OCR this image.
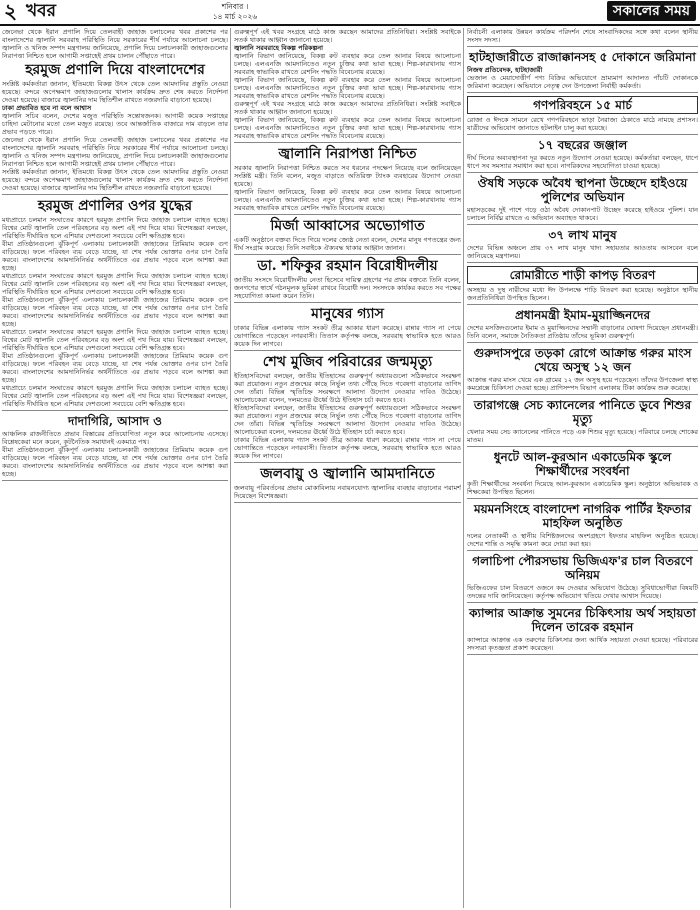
২ খবর	শনিবার ।
১৪ মার্চ ২০২৬	সকালের সময়
জেনেভা থেকে ইরান প্রণালি দিয়ে তেলবাহী জাহাজ চলাচলের খবর প্রকাশের পর বাংলাদেশের জ্বালানি সরবরাহ পরিস্থিতি নিয়ে সরকারের শীর্ষ পর্যায়ে আলোচনা চলছে। জ্বালানি ও খনিজ সম্পদ মন্ত্রণালয় জানিয়েছে, প্রণালি দিয়ে চলাচলকারী জাহাজগুলোর নিরাপত্তা নিশ্চিত হলে আগামী সপ্তাহেই প্রথম চালান পৌঁছাতে পারে।
হরমুজ প্রণালি দিয়ে বাংলাদেশের
সংশ্লিষ্ট কর্মকর্তারা জানান, ইতিমধ্যে বিকল্প উৎস থেকে তেল আমদানির প্রস্তুতি নেওয়া হয়েছে। বন্দরে অপেক্ষমাণ জাহাজগুলোর খালাস কার্যক্রম দ্রুত শেষ করতে নির্দেশনা দেওয়া হয়েছে। বাজারে জ্বালানির দাম স্থিতিশীল রাখতে নজরদারি বাড়ানো হয়েছে।
ঢাকা প্রভাবিত হবে না বলে আশ্বাস
জ্বালানি সচিব বলেন, দেশের মজুত পরিস্থিতি সন্তোষজনক। আগামী কয়েক সপ্তাহের চাহিদা মেটানোর মতো তেল মজুত রয়েছে। তবে আন্তর্জাতিক বাজারে দাম বাড়লে তার প্রভাব পড়তে পারে।
জেনেভা থেকে ইরান প্রণালি দিয়ে তেলবাহী জাহাজ চলাচলের খবর প্রকাশের পর বাংলাদেশের জ্বালানি সরবরাহ পরিস্থিতি নিয়ে সরকারের শীর্ষ পর্যায়ে আলোচনা চলছে। জ্বালানি ও খনিজ সম্পদ মন্ত্রণালয় জানিয়েছে, প্রণালি দিয়ে চলাচলকারী জাহাজগুলোর নিরাপত্তা নিশ্চিত হলে আগামী সপ্তাহেই প্রথম চালান পৌঁছাতে পারে।
সংশ্লিষ্ট কর্মকর্তারা জানান, ইতিমধ্যে বিকল্প উৎস থেকে তেল আমদানির প্রস্তুতি নেওয়া হয়েছে। বন্দরে অপেক্ষমাণ জাহাজগুলোর খালাস কার্যক্রম দ্রুত শেষ করতে নির্দেশনা দেওয়া হয়েছে। বাজারে জ্বালানির দাম স্থিতিশীল রাখতে নজরদারি বাড়ানো হয়েছে।
হরমুজ প্রণালির ওপর যুদ্ধের
মধ্যপ্রাচ্যে চলমান সংঘাতের কারণে হরমুজ প্রণালি দিয়ে জাহাজ চলাচল ব্যাহত হচ্ছে। বিশ্বের মোট জ্বালানি তেল পরিবহনের বড় অংশ এই পথ দিয়ে যায়। বিশেষজ্ঞরা বলছেন, পরিস্থিতি দীর্ঘায়িত হলে এশিয়ার দেশগুলো সবচেয়ে বেশি ক্ষতিগ্রস্ত হবে।
বীমা প্রতিষ্ঠানগুলো ঝুঁকিপূর্ণ এলাকায় চলাচলকারী জাহাজের প্রিমিয়াম কয়েক গুণ বাড়িয়েছে। ফলে পরিবহন ব্যয় বেড়ে যাচ্ছে, যা শেষ পর্যন্ত ভোক্তার ওপর চাপ তৈরি করবে। বাংলাদেশের আমদানিনির্ভর অর্থনীতিতে এর প্রভাব পড়বে বলে আশঙ্কা করা হচ্ছে।
মধ্যপ্রাচ্যে চলমান সংঘাতের কারণে হরমুজ প্রণালি দিয়ে জাহাজ চলাচল ব্যাহত হচ্ছে। বিশ্বের মোট জ্বালানি তেল পরিবহনের বড় অংশ এই পথ দিয়ে যায়। বিশেষজ্ঞরা বলছেন, পরিস্থিতি দীর্ঘায়িত হলে এশিয়ার দেশগুলো সবচেয়ে বেশি ক্ষতিগ্রস্ত হবে।
বীমা প্রতিষ্ঠানগুলো ঝুঁকিপূর্ণ এলাকায় চলাচলকারী জাহাজের প্রিমিয়াম কয়েক গুণ বাড়িয়েছে। ফলে পরিবহন ব্যয় বেড়ে যাচ্ছে, যা শেষ পর্যন্ত ভোক্তার ওপর চাপ তৈরি করবে। বাংলাদেশের আমদানিনির্ভর অর্থনীতিতে এর প্রভাব পড়বে বলে আশঙ্কা করা হচ্ছে।
মধ্যপ্রাচ্যে চলমান সংঘাতের কারণে হরমুজ প্রণালি দিয়ে জাহাজ চলাচল ব্যাহত হচ্ছে। বিশ্বের মোট জ্বালানি তেল পরিবহনের বড় অংশ এই পথ দিয়ে যায়। বিশেষজ্ঞরা বলছেন, পরিস্থিতি দীর্ঘায়িত হলে এশিয়ার দেশগুলো সবচেয়ে বেশি ক্ষতিগ্রস্ত হবে।
বীমা প্রতিষ্ঠানগুলো ঝুঁকিপূর্ণ এলাকায় চলাচলকারী জাহাজের প্রিমিয়াম কয়েক গুণ বাড়িয়েছে। ফলে পরিবহন ব্যয় বেড়ে যাচ্ছে, যা শেষ পর্যন্ত ভোক্তার ওপর চাপ তৈরি করবে। বাংলাদেশের আমদানিনির্ভর অর্থনীতিতে এর প্রভাব পড়বে বলে আশঙ্কা করা হচ্ছে।
মধ্যপ্রাচ্যে চলমান সংঘাতের কারণে হরমুজ প্রণালি দিয়ে জাহাজ চলাচল ব্যাহত হচ্ছে। বিশ্বের মোট জ্বালানি তেল পরিবহনের বড় অংশ এই পথ দিয়ে যায়। বিশেষজ্ঞরা বলছেন, পরিস্থিতি দীর্ঘায়িত হলে এশিয়ার দেশগুলো সবচেয়ে বেশি ক্ষতিগ্রস্ত হবে।
দাদাগিরি, আসাদ ও
আঞ্চলিক রাজনীতিতে প্রভাব বিস্তারের প্রতিযোগিতা নতুন করে আলোচনায় এসেছে। বিশ্লেষকেরা মনে করেন, কূটনৈতিক সমাধানই একমাত্র পথ।
বীমা প্রতিষ্ঠানগুলো ঝুঁকিপূর্ণ এলাকায় চলাচলকারী জাহাজের প্রিমিয়াম কয়েক গুণ বাড়িয়েছে। ফলে পরিবহন ব্যয় বেড়ে যাচ্ছে, যা শেষ পর্যন্ত ভোক্তার ওপর চাপ তৈরি করবে। বাংলাদেশের আমদানিনির্ভর অর্থনীতিতে এর প্রভাব পড়বে বলে আশঙ্কা করা হচ্ছে।
গুরুত্বপূর্ণ এই খবর সংগ্রহে মাঠে কাজ করছেন আমাদের প্রতিনিধিরা। সংশ্লিষ্ট সবাইকে সতর্ক থাকার আহ্বান জানানো হয়েছে।
জ্বালানি সরবরাহে বিকল্প পরিকল্পনা
জ্বালানি বিভাগ জানিয়েছে, বিকল্প রুট ব্যবহার করে তেল আনার বিষয়ে আলোচনা চলছে। এলএনজি আমদানিতেও নতুন চুক্তির কথা ভাবা হচ্ছে। শিল্প-কারখানায় গ্যাস সরবরাহ স্বাভাবিক রাখতে রেশনিং পদ্ধতি বিবেচনায় রয়েছে।
জ্বালানি বিভাগ জানিয়েছে, বিকল্প রুট ব্যবহার করে তেল আনার বিষয়ে আলোচনা চলছে। এলএনজি আমদানিতেও নতুন চুক্তির কথা ভাবা হচ্ছে। শিল্প-কারখানায় গ্যাস সরবরাহ স্বাভাবিক রাখতে রেশনিং পদ্ধতি বিবেচনায় রয়েছে।
গুরুত্বপূর্ণ এই খবর সংগ্রহে মাঠে কাজ করছেন আমাদের প্রতিনিধিরা। সংশ্লিষ্ট সবাইকে সতর্ক থাকার আহ্বান জানানো হয়েছে।
জ্বালানি বিভাগ জানিয়েছে, বিকল্প রুট ব্যবহার করে তেল আনার বিষয়ে আলোচনা চলছে। এলএনজি আমদানিতেও নতুন চুক্তির কথা ভাবা হচ্ছে। শিল্প-কারখানায় গ্যাস সরবরাহ স্বাভাবিক রাখতে রেশনিং পদ্ধতি বিবেচনায় রয়েছে।
জ্বালানি নিরাপত্তা নিশ্চিত
সরকার জ্বালানি নিরাপত্তা নিশ্চিত করতে সব ধরনের পদক্ষেপ নিয়েছে বলে জানিয়েছেন সংশ্লিষ্ট মন্ত্রী। তিনি বলেন, মজুত বাড়াতে অতিরিক্ত ট্যাংক ব্যবহারের উদ্যোগ নেওয়া হয়েছে।
জ্বালানি বিভাগ জানিয়েছে, বিকল্প রুট ব্যবহার করে তেল আনার বিষয়ে আলোচনা চলছে। এলএনজি আমদানিতেও নতুন চুক্তির কথা ভাবা হচ্ছে। শিল্প-কারখানায় গ্যাস সরবরাহ স্বাভাবিক রাখতে রেশনিং পদ্ধতি বিবেচনায় রয়েছে।
মির্জা আব্বাসের অভ্যোগাত
একটি অনুষ্ঠানে বক্তব্য দিতে গিয়ে দলের জ্যেষ্ঠ নেতা বলেন, দেশের মানুষ গণতন্ত্রের জন্য দীর্ঘ সংগ্রাম করেছে। তিনি সবাইকে ঐক্যবদ্ধ থাকার আহ্বান জানান।
ডা. শফিকুর রহমান বিরোধীদলীয়
জাতীয় সংসদে বিরোধীদলীয় নেতা হিসেবে দায়িত্ব গ্রহণের পর প্রথম বক্তব্যে তিনি বলেন, জনগণের স্বার্থে গঠনমূলক ভূমিকা রাখবে বিরোধী দল। সংসদকে কার্যকর করতে সব পক্ষের সহযোগিতা কামনা করেন তিনি।
মানুষের গ্যাস
ঢাকার বিভিন্ন এলাকায় গ্যাস সংকট তীব্র আকার ধারণ করেছে। রান্নার গ্যাস না পেয়ে ভোগান্তিতে পড়েছেন নগরবাসী। তিতাস কর্তৃপক্ষ বলছে, সরবরাহ স্বাভাবিক হতে আরও কয়েক দিন লাগবে।
শেখ মুজিব পরিবারের জন্মমৃত্যু
ইতিহাসবিদেরা বলছেন, জাতীয় ইতিহাসের গুরুত্বপূর্ণ অধ্যায়গুলো সঠিকভাবে সংরক্ষণ করা প্রয়োজন। নতুন প্রজন্মের কাছে নির্ভুল তথ্য পৌঁছে দিতে গবেষণা বাড়ানোর তাগিদ দেন তাঁরা। বিভিন্ন স্মৃতিচিহ্ন সংরক্ষণে আলাদা উদ্যোগ নেওয়ার দাবিও উঠেছে। আলোচকেরা বলেন, দলমতের ঊর্ধ্বে উঠে ইতিহাস চর্চা করতে হবে।
ইতিহাসবিদেরা বলছেন, জাতীয় ইতিহাসের গুরুত্বপূর্ণ অধ্যায়গুলো সঠিকভাবে সংরক্ষণ করা প্রয়োজন। নতুন প্রজন্মের কাছে নির্ভুল তথ্য পৌঁছে দিতে গবেষণা বাড়ানোর তাগিদ দেন তাঁরা। বিভিন্ন স্মৃতিচিহ্ন সংরক্ষণে আলাদা উদ্যোগ নেওয়ার দাবিও উঠেছে। আলোচকেরা বলেন, দলমতের ঊর্ধ্বে উঠে ইতিহাস চর্চা করতে হবে।
ঢাকার বিভিন্ন এলাকায় গ্যাস সংকট তীব্র আকার ধারণ করেছে। রান্নার গ্যাস না পেয়ে ভোগান্তিতে পড়েছেন নগরবাসী। তিতাস কর্তৃপক্ষ বলছে, সরবরাহ স্বাভাবিক হতে আরও কয়েক দিন লাগবে।
জলবায়ু ও জ্বালানি আমদানিতে
জলবায়ু পরিবর্তনের প্রভাব মোকাবিলায় নবায়নযোগ্য জ্বালানির ব্যবহার বাড়ানোর পরামর্শ দিয়েছেন বিশেষজ্ঞরা।
নির্বাচনী এলাকায় উন্নয়ন কার্যক্রম পরিদর্শন শেষে সাংবাদিকদের সঙ্গে কথা বলেন স্থানীয় সংসদ সদস্য।
হাটহাজারীতে রাজাক্কানসহ ৫ দোকানে জরিমানা
নিজস্ব প্রতিবেদক, হাটহাজারী
ভেজাল ও মেয়াদোত্তীর্ণ পণ্য বিক্রির অভিযোগে ভ্রাম্যমাণ আদালত পাঁচটি দোকানকে জরিমানা করেছেন। অভিযানে নেতৃত্ব দেন উপজেলা নির্বাহী কর্মকর্তা।
গণপরিবহনে ১৫ মার্চ
রোজা ও ঈদকে সামনে রেখে গণপরিবহনে ভাড়া নৈরাজ্য ঠেকাতে মাঠে নামছে প্রশাসন। যাত্রীদের অভিযোগ জানাতে হটলাইন চালু করা হয়েছে।
১৭ বছরের জঞ্জাল
দীর্ঘ দিনের অব্যবস্থাপনা দূর করতে নতুন উদ্যোগ নেওয়া হয়েছে। কর্মকর্তারা বলছেন, ধাপে ধাপে সব সমস্যার সমাধান করা হবে। নাগরিকদের সহযোগিতা চাওয়া হয়েছে।
ঔষধি সড়কে অবৈধ স্থাপনা উচ্ছেদে হাইওয়ে পুলিশের অভিযান
মহাসড়কের দুই পাশে গড়ে ওঠা অবৈধ দোকানপাট উচ্ছেদ করেছে হাইওয়ে পুলিশ। যান চলাচল নির্বিঘ্ন রাখতে এ অভিযান অব্যাহত থাকবে।
৩৭ লাখ মানুষ
দেশের বিভিন্ন অঞ্চলে প্রায় ৩৭ লাখ মানুষ খাদ্য সহায়তার আওতায় আসবেন বলে জানিয়েছে মন্ত্রণালয়।
রোমারীতে শাড়ী কাপড় বিতরণ
অসহায় ও দুস্থ নারীদের মধ্যে ঈদ উপলক্ষে শাড়ি বিতরণ করা হয়েছে। অনুষ্ঠানে স্থানীয় জনপ্রতিনিধিরা উপস্থিত ছিলেন।
প্রধানমন্ত্রী ইমাম-মুয়াজ্জিনদের
দেশের মসজিদগুলোর ইমাম ও মুয়াজ্জিনদের সম্মানী বাড়ানোর ঘোষণা দিয়েছেন প্রধানমন্ত্রী। তিনি বলেন, সমাজে নৈতিকতা প্রতিষ্ঠায় তাঁদের ভূমিকা গুরুত্বপূর্ণ।
গুরুদাসপুরে তড়কা রোগে আক্রান্ত গরুর মাংস খেয়ে অসুস্থ ১২ জন
আক্রান্ত গরুর মাংস খেয়ে এক গ্রামের ১২ জন অসুস্থ হয়ে পড়েছেন। তাঁদের উপজেলা স্বাস্থ্য কমপ্লেক্সে চিকিৎসা দেওয়া হচ্ছে। প্রাণিসম্পদ বিভাগ এলাকায় টিকা কার্যক্রম শুরু করেছে।
তারাগঞ্জে সেচ ক্যানেলের পানিতে ডুবে শিশুর মৃত্যু
খেলার সময় সেচ ক্যানেলের পানিতে পড়ে এক শিশুর মৃত্যু হয়েছে। পরিবারে চলছে শোকের মাতম।
ধুনটে আল-কুরআন একাডেমিক স্কুলে শিক্ষার্থীদের সংবর্ধনা
কৃতী শিক্ষার্থীদের সংবর্ধনা দিয়েছে আল-কুরআন একাডেমিক স্কুল। অনুষ্ঠানে অভিভাবক ও শিক্ষকেরা উপস্থিত ছিলেন।
ময়মনসিংহে বাংলাদেশ নাগরিক পার্টির ইফতার মাহফিল অনুষ্ঠিত
দলের নেতাকর্মী ও স্থানীয় বিশিষ্টজনদের অংশগ্রহণে ইফতার মাহফিল অনুষ্ঠিত হয়েছে। দেশের শান্তি ও সমৃদ্ধি কামনা করে দোয়া করা হয়।
গলাচিপা পৌরসভায় ভিজিএফ'র চাল বিতরণে অনিয়ম
ভিজিএফের চাল বিতরণে ওজনে কম দেওয়ার অভিযোগ উঠেছে। সুবিধাভোগীরা বিষয়টি তদন্তের দাবি জানিয়েছেন। কর্তৃপক্ষ অভিযোগ খতিয়ে দেখার আশ্বাস দিয়েছে।
ক্যান্সার আক্রান্ত সুমনের চিকিৎসায় অর্থ সহায়তা দিলেন তারেক রহমান
ক্যান্সারে আক্রান্ত এক তরুণের চিকিৎসার জন্য আর্থিক সহায়তা দেওয়া হয়েছে। পরিবারের সদস্যরা কৃতজ্ঞতা প্রকাশ করেছেন।
